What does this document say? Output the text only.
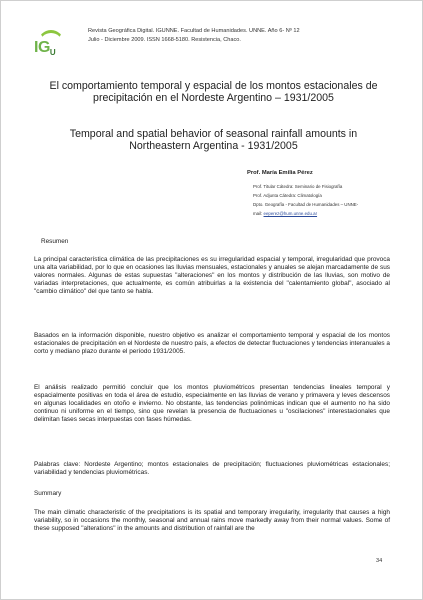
IGU
Revista Geográfica Digital. IGUNNE. Facultad de Humanidades. UNNE. Año 6- Nº 12
Julio - Diciembre 2009. ISSN 1668-5180. Resistencia, Chaco.
El comportamiento temporal y espacial de los montos estacionales de precipitación en el Nordeste Argentino – 1931/2005
Temporal and spatial behavior of seasonal rainfall amounts in Northeastern Argentina - 1931/2005
Prof. María Emilia Pérez
Prof. Titular Cátedra: Seminario de Fisiografía
Prof. Adjunta Cátedra: Climatología
Dpto. Geografía - Facultad de Humanidades – UNNE-
mail: eeperez@hum.unne.edu.ar
Resumen

La principal característica climática de las precipitaciones es su irregularidad espacial y temporal, irregularidad que provoca una alta variabilidad, por lo que en ocasiones las lluvias mensuales, estacionales y anuales se alejan marcadamente de sus valores normales. Algunas de estas supuestas "alteraciones" en los montos y distribución de las lluvias, son motivo de variadas interpretaciones, que actualmente, es común atribuirlas a la existencia del "calentamiento global", asociado al "cambio climático" del que tanto se habla.

Basados en la información disponible, nuestro objetivo es analizar el comportamiento temporal y espacial de los montos estacionales de precipitación en el Nordeste de nuestro país, a efectos de detectar fluctuaciones y tendencias interanuales a corto y mediano plazo durante el período 1931/2005.

El análisis realizado permitió concluir que los montos pluviométricos presentan tendencias lineales temporal y espacialmente positivas en toda el área de estudio, especialmente en las lluvias de verano y primavera y leves descensos en algunas localidades en otoño e invierno. No obstante, las tendencias polinómicas indican que el aumento no ha sido continuo ni uniforme en el tiempo, sino que revelan la presencia de fluctuaciones u "oscilaciones" interestacionales que delimitan fases secas interpuestas con fases húmedas.

Palabras clave: Nordeste Argentino; montos estacionales de precipitación; fluctuaciones pluviométricas estacionales; variabilidad y tendencias pluviométricas.

Summary

The main climatic characteristic of the precipitations is its spatial and temporary irregularity, irregularity that causes a high variability, so in occasions the monthly, seasonal and annual rains move markedly away from their normal values. Some of these supposed "alterations" in the amounts and distribution of rainfall are the

34
